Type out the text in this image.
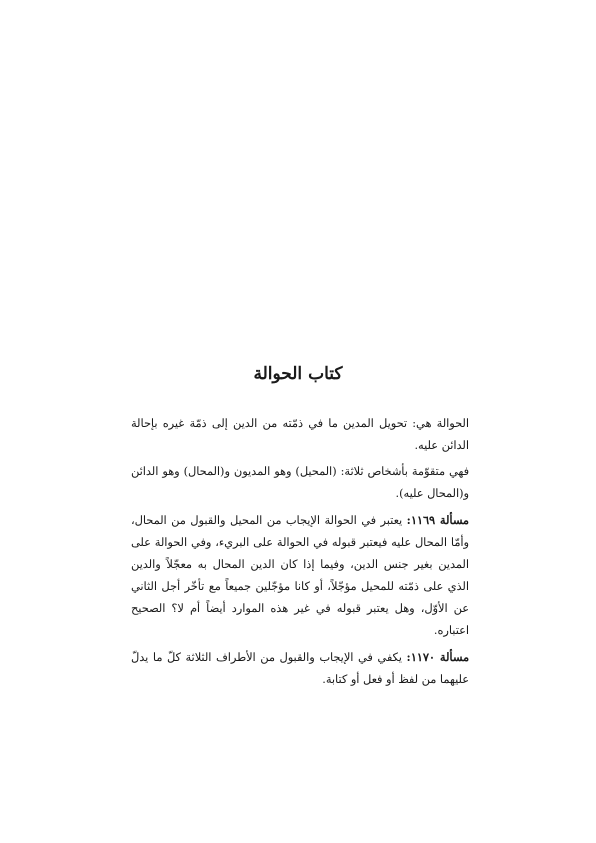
كتاب الحوالة

الحوالة هي: تحويل المدين ما في ذمّته من الدين إلى ذمّة غيره بإحالة الدائن عليه.

فهي متقوّمة بأشخاص ثلاثة: (المحيل) وهو المديون و(المحال) وهو الدائن و(المحال عليه).

مسألة ١١٦٩: يعتبر في الحوالة الإيجاب من المحيل والقبول من المحال، وأمّا المحال عليه فيعتبر قبوله في الحوالة على البريء، وفي الحوالة على المدين بغير جنس الدين، وفيما إذا كان الدين المحال به معجّلاً والدين الذي على ذمّته للمحيل مؤجّلاً، أو كانا مؤجّلين جميعاً مع تأخّر أجل الثاني عن الأوّل، وهل يعتبر قبوله في غير هذه الموارد أيضاً أم لا؟ الصحيح اعتباره.

مسألة ١١٧٠: يكفي في الإيجاب والقبول من الأطراف الثلاثة كلّ ما يدلّ عليهما من لفظ أو فعل أو كتابة.
